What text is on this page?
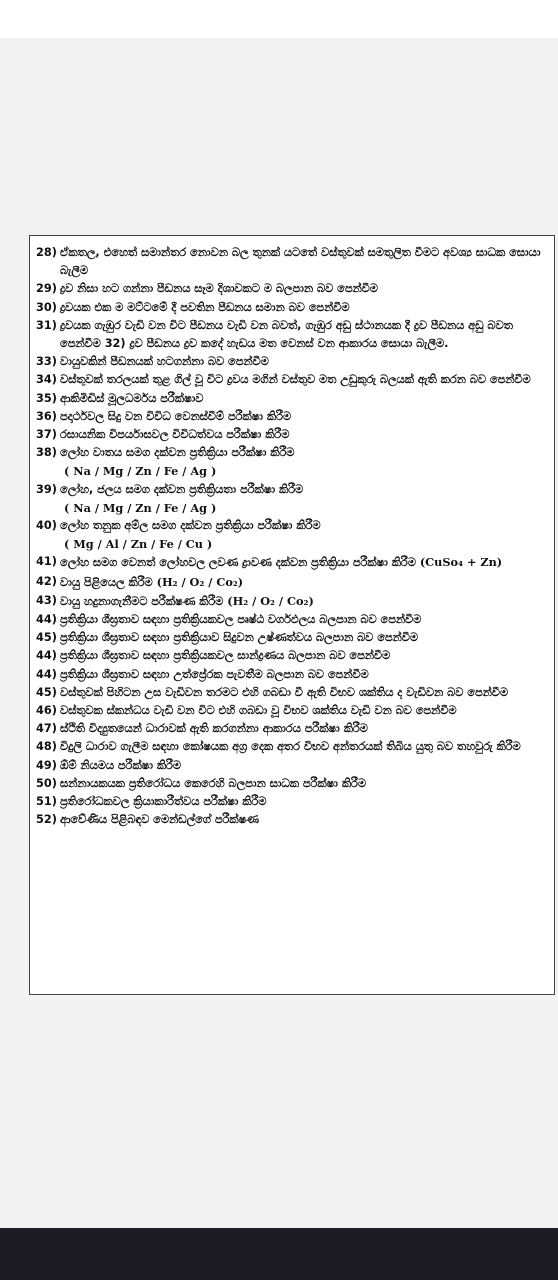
28) ඒකතල, එහෙත් සමාන්තර නොවන බල තුනක් යටතේ වස්තුවක් සමතුලිත වීමට අවශ්‍ය සාධක සොයා බැලීම
29) ද්‍රව නිසා හට ගන්නා පීඩනය සෑම දිශාවකට ම බලපාන බව පෙන්වීම
30) ද්‍රවයක එක ම මට්ටමේ දී පවතින පීඩනය සමාන බව පෙන්වීම
31) ද්‍රවයක ගැඹුර වැඩි වන විට පීඩනය වැඩි වන බවත්, ගැඹුර අඩු ස්ථානයක දී ද්‍රව පීඩනය අඩු බවත පෙන්වීම 32) ද්‍රව පීඩනය ද්‍රව කදේ හැඩය මත වෙනස් වන ආකාරය සොයා බැලීම.
33) වායුවකින් පීඩනයක් හටගන්නා බව පෙන්වීම
34) වස්තුවක් තරලයක් තුළ ගිල් වූ විට ද්‍රවය මගින් වස්තුව මත උඩුකුරු බලයක් ඇති කරන බව පෙන්වීම
35) ආකිමිඩිස් මූලධර්මය පරීක්ෂාව
36) පදාර්ථවල සිදු වන විවිධ වෙනස්වීම් පරීක්ෂා කිරීම
37) රසායනික විපර්යාසවල විවිධත්වය පරීක්ෂා කිරීම
38) ලෝහ වාතය සමග දක්වන ප්‍රතික්‍රියා පරීක්ෂා කිරීම
( Na / Mg / Zn / Fe / Ag )
39) ලෝහ, ජලය සමග දක්වන ප්‍රතික්‍රියතා පරීක්ෂා කිරීම
( Na / Mg / Zn / Fe / Ag )
40) ලෝහ තනුක අම්ල සමග දක්වන ප්‍රතික්‍රියා පරීක්ෂා කිරීම
( Mg / Al / Zn / Fe / Cu )
41) ලෝහ සමග වෙනත් ලෝහවල ලවණ ද්‍රාවණ දක්වන ප්‍රතික්‍රියා පරීක්ෂා කිරීම (CuSo₄ + Zn)
42) වායු පිළියෙල කිරීම (H₂ / O₂ / Co₂)
43) වායු හදුනාගැනීමට පරීක්ෂණ කිරීම (H₂ / O₂ / Co₂)
44) ප්‍රතික්‍රියා ශීඝ්‍රතාව සඳහා ප්‍රතික්‍රියකවල පෘෂ්ඨ වර්ගඵලය බලපාන බව පෙන්වීම
45) ප්‍රතික්‍රියා ශීඝ්‍රතාව සඳහා ප්‍රතික්‍රියාව සිදුවන උෂ්ණත්වය බලපාන බව පෙන්වීම
44) ප්‍රතික්‍රියා ශීඝ්‍රතාව සඳහා ප්‍රතික්‍රියකවල සාන්ද්‍රණය බලපාන බව පෙන්වීම
44) ප්‍රතික්‍රියා ශීඝ්‍රතාව සඳහා උත්ප්‍රේරක පැවතීම බලපාන බව පෙන්වීම
45) වස්තුවක් පිහිටන උස වැඩිවන තරමට එහි ගබඩා වී ඇති විභව ශක්තිය ද වැඩිවන බව පෙන්වීම
46) වස්තුවක ස්කන්ධය වැඩි වන විට එහි ගබඩා වූ විභව ශක්තිය වැඩි වන බව පෙන්වීම
47) ස්ථිති විද්‍යුතයෙන් ධාරාවක් ඇති කරගන්නා ආකාරය පරීක්ෂා කිරීම
48) විදුලි ධාරාව ගැලීම සඳහා කෝෂයක අග්‍ර දෙක අතර විභව අන්තරයක් තිබිය යුතු බව තහවුරු කිරීම
49) ඕම් නියමය පරීක්ෂා කිරීම
50) සන්නායකයක ප්‍රතිරෝධය කෙරෙහි බලපාන සාධක පරීක්ෂා කිරීම
51) ප්‍රතිරෝධකවල ක්‍රියාකාරීත්වය පරීක්ෂා කිරීම
52) ආවේණිය පිළිබඳව මෙන්ඩල්ගේ පරීක්ෂණ
